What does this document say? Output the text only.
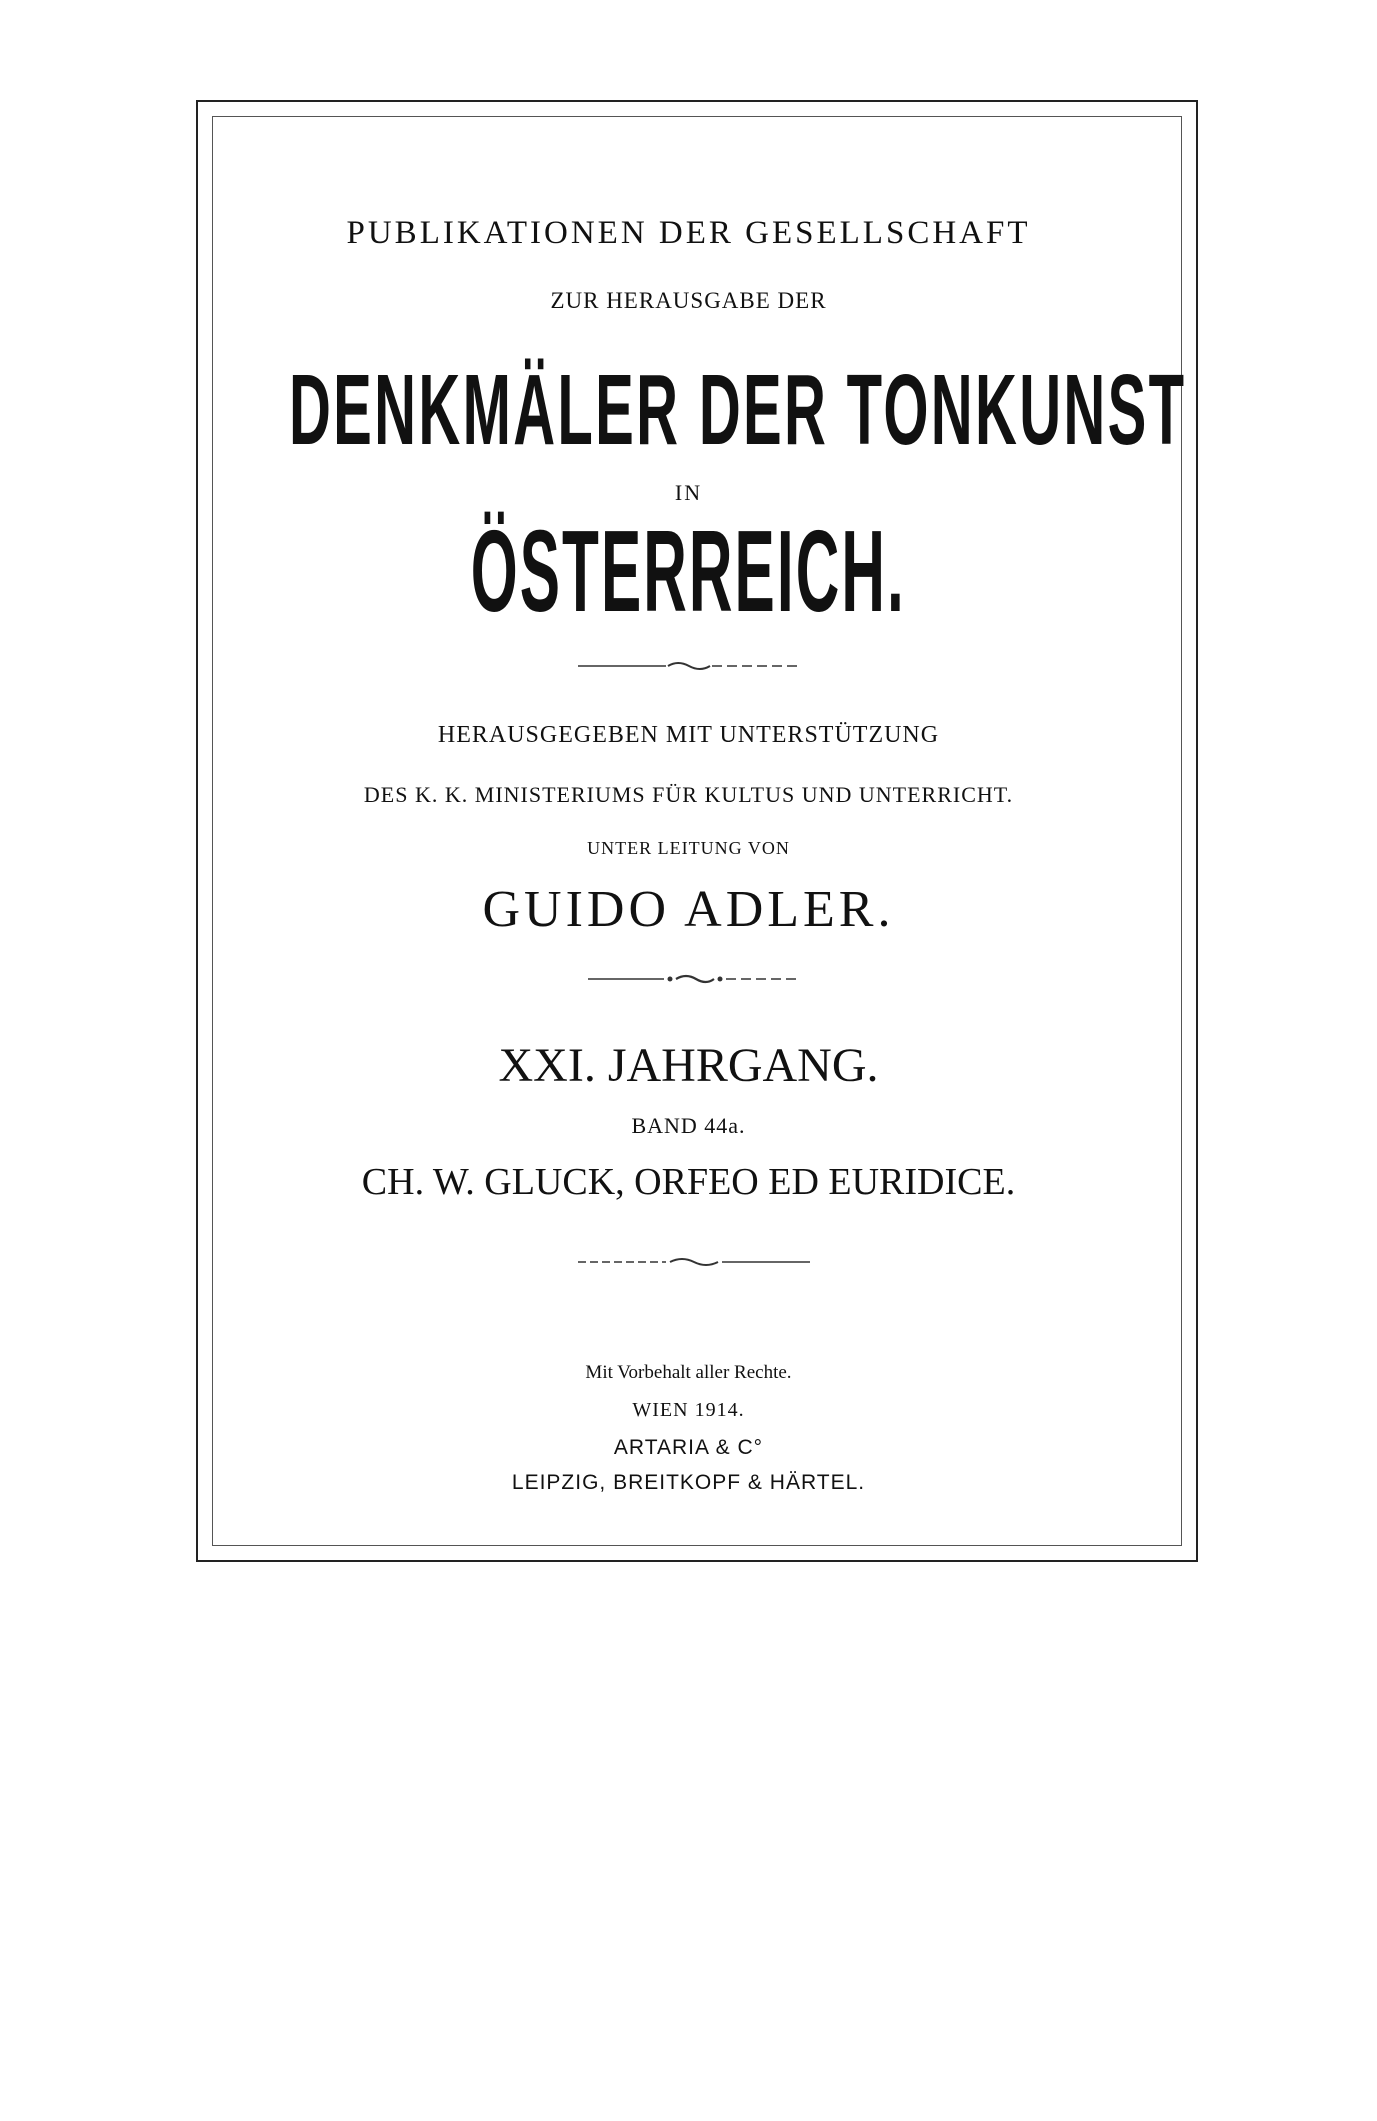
PUBLIKATIONEN DER GESELLSCHAFT
ZUR HERAUSGABE DER
DENKMÄLER DER TONKUNST
IN
ÖSTERREICH.
HERAUSGEGEBEN MIT UNTERSTÜTZUNG
DES K. K. MINISTERIUMS FÜR KULTUS UND UNTERRICHT.
UNTER LEITUNG VON
GUIDO ADLER.
XXI. JAHRGANG.
BAND 44a.
CH. W. GLUCK, ORFEO ED EURIDICE.
Mit Vorbehalt aller Rechte.
WIEN 1914.
ARTARIA & C°
LEIPZIG, BREITKOPF & HÄRTEL.
